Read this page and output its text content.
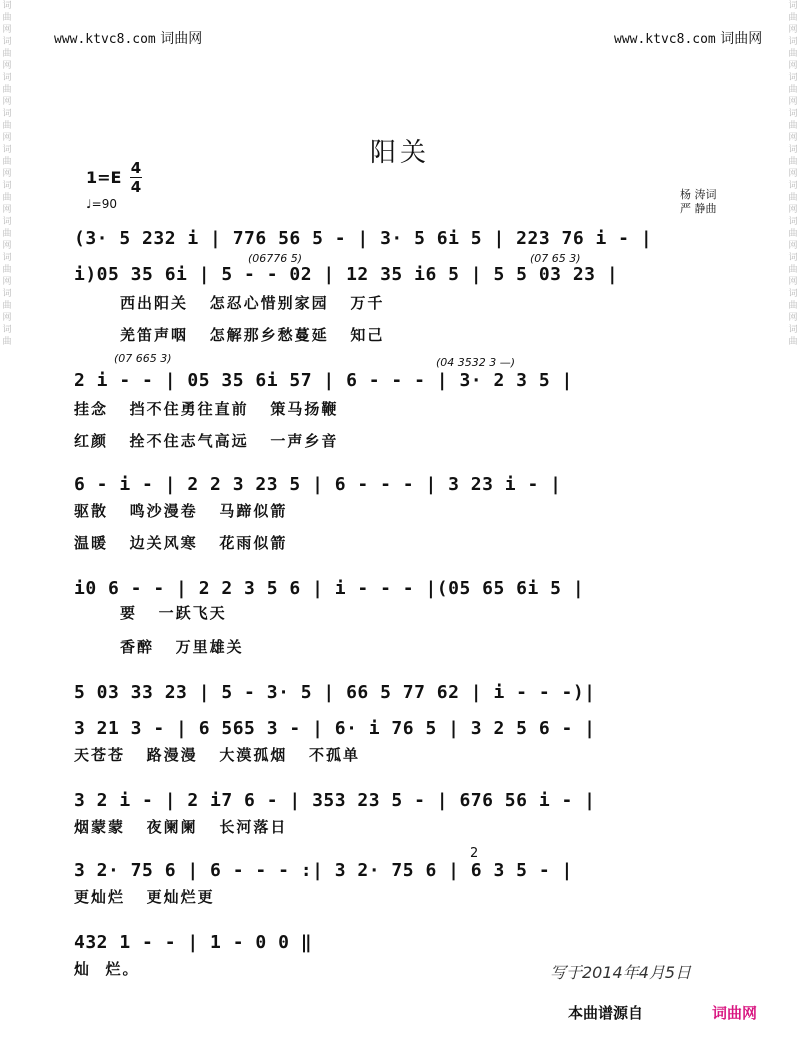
词
曲
网
词
曲
网
词
曲
网
词
曲
网
词
曲
网
词
曲
网
词
曲
网
词
曲
网
词
曲
网
词
曲
词
曲
网
词
曲
网
词
曲
网
词
曲
网
词
曲
网
词
曲
网
词
曲
网
词
曲
网
词
曲
网
词
曲
www.ktvc8.com 词曲网	www.ktvc8.com 词曲网
阳关
1=E 4
4
♩=90
杨 涛词
严 静曲
(3· 5 232 i | 776 56 5 - | 3· 5 6i 5 | 223 76 i - |
(06776 5)	(07 65 3)
i)05 35 6i | 5 - - 02 | 12 35 i6 5 | 5 5 03 23 |
西出阳关   怎忍心惜别家园   万千
羌笛声咽   怎解那乡愁蔓延   知己
(07 665 3)	(04 3532 3 —)
2 i - - | 05 35 6i 57 | 6 - - - | 3· 2 3 5 |
挂念   挡不住勇往直前   策马扬鞭
红颜   拴不住志气高远   一声乡音
6 - i - | 2 2 3 23 5 | 6 - - - | 3 23 i - |
驱散   鸣沙漫卷   马蹄似箭
温暖   边关风寒   花雨似箭
i0 6 - - | 2 2 3 5 6 | i - - - |(05 65 6i 5 |
要   一跃飞天
香醉   万里雄关
5 03 33 23 | 5 - 3· 5 | 66 5 77 62 | i - - -)|
3 21 3 - | 6 565 3 - | 6· i 76 5 | 3 2 5 6 - |
天苍苍   路漫漫   大漠孤烟   不孤单
3 2 i - | 2 i7 6 - | 353 23 5 - | 676 56 i - |
烟蒙蒙   夜阑阑   长河落日
2
3 2· 75 6 | 6 - - - :| 3 2· 75 6 | 6 3 5 - |
更灿烂   更灿烂更
432 1 - - | 1 - 0 0 ‖
灿  烂。	写于2014年4月5日
本曲谱源自	词曲网
